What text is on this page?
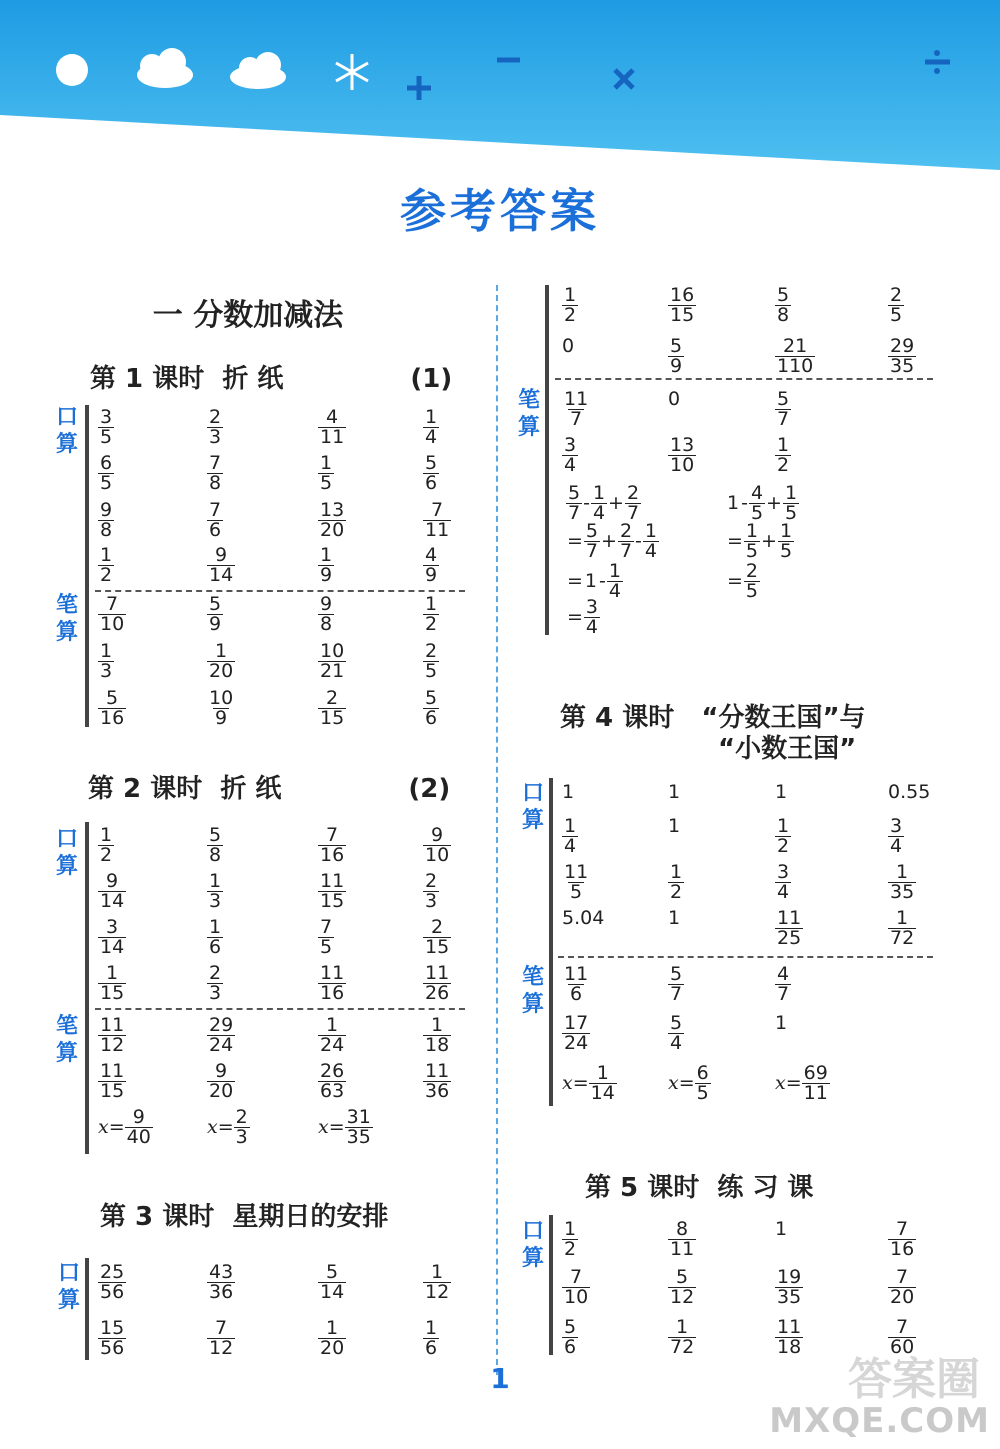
参考答案
一 分数加减法
第 1 课时 折 纸	(1)
第 2 课时 折 纸	(2)
第 3 课时 星期日的安排
第 4 课时 “分数王国”与
“小数王国”
第 5 课时 练 习 课
口
算
笔
算
口
算
笔
算
口
算
笔
算
口
算
笔
算
口
算
$\frac{3}{5}$	$\frac{2}{3}$	$\frac{4}{11}$	$\frac{1}{4}$
$\frac{6}{5}$	$\frac{7}{8}$	$\frac{1}{5}$	$\frac{5}{6}$
$\frac{9}{8}$	$\frac{7}{6}$	$\frac{13}{20}$	$\frac{7}{11}$
$\frac{1}{2}$	$\frac{9}{14}$	$\frac{1}{9}$	$\frac{4}{9}$
$\frac{7}{10}$	$\frac{5}{9}$	$\frac{9}{8}$	$\frac{1}{2}$
$\frac{1}{3}$	$\frac{1}{20}$	$\frac{10}{21}$	$\frac{2}{5}$
$\frac{5}{16}$	$\frac{10}{9}$	$\frac{2}{15}$	$\frac{5}{6}$
$\frac{1}{2}$	$\frac{5}{8}$	$\frac{7}{16}$	$\frac{9}{10}$
$\frac{9}{14}$	$\frac{1}{3}$	$\frac{11}{15}$	$\frac{2}{3}$
$\frac{3}{14}$	$\frac{1}{6}$	$\frac{7}{5}$	$\frac{2}{15}$
$\frac{1}{15}$	$\frac{2}{3}$	$\frac{11}{16}$	$\frac{11}{26}$
$\frac{11}{12}$	$\frac{29}{24}$	$\frac{1}{24}$	$\frac{1}{18}$
$\frac{11}{15}$	$\frac{9}{20}$	$\frac{26}{63}$	$\frac{11}{36}$
$x= \frac{9}{40}$	$x= \frac{2}{3}$	$x= \frac{31}{35}$
$\frac{25}{56}$	$\frac{43}{36}$	$\frac{5}{14}$	$\frac{1}{12}$
$\frac{15}{56}$	$\frac{7}{12}$	$\frac{1}{20}$	$\frac{1}{6}$
$\frac{1}{2}$	$\frac{16}{15}$	$\frac{5}{8}$	$\frac{2}{5}$
0	$\frac{5}{9}$	$\frac{21}{110}$	$\frac{29}{35}$
$\frac{11}{7}$	0	$\frac{5}{7}$
$\frac{3}{4}$	$\frac{13}{10}$	$\frac{1}{2}$
1	1	1	0.55
$\frac{1}{4}$	1	$\frac{1}{2}$	$\frac{3}{4}$
$\frac{11}{5}$	$\frac{1}{2}$	$\frac{3}{4}$	$\frac{1}{35}$
5.04	1	$\frac{11}{25}$	$\frac{1}{72}$
$\frac{11}{6}$	$\frac{5}{7}$	$\frac{4}{7}$
$\frac{17}{24}$	$\frac{5}{4}$	1
$x= \frac{1}{14}$	$x= \frac{6}{5}$	$x= \frac{69}{11}$
$\frac{1}{2}$	$\frac{8}{11}$	1	$\frac{7}{16}$
$\frac{7}{10}$	$\frac{5}{12}$	$\frac{19}{35}$	$\frac{7}{20}$
$\frac{5}{6}$	$\frac{1}{72}$	$\frac{11}{18}$	$\frac{7}{60}$
$\frac{5}{7} - \frac{1}{4} + \frac{2}{7}$
= $\frac{5}{7} + \frac{2}{7} - \frac{1}{4}$
= $1 - \frac{1}{4}$
= $\frac{3}{4}$
$1 - \frac{4}{5} + \frac{1}{5}$
= $\frac{1}{5} + \frac{1}{5}$
= $\frac{2}{5}$
1	答案圈
MXQE.COM
